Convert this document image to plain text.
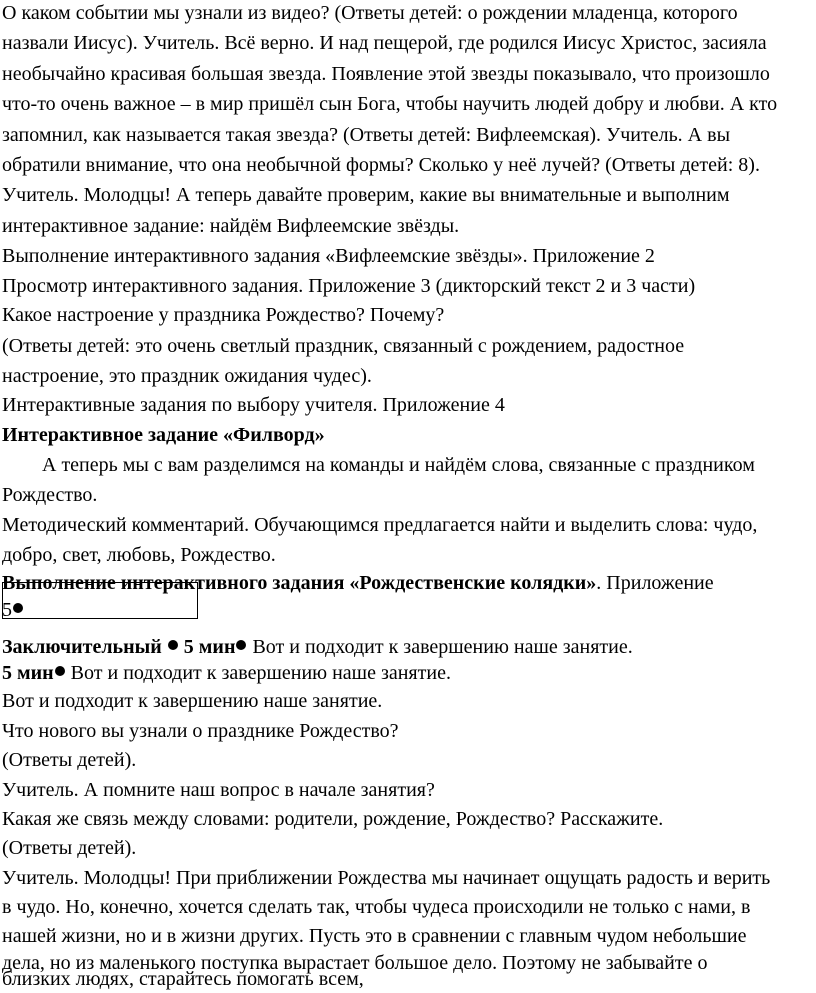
О каком событии мы узнали из видео? (Ответы детей: о рождении младенца, которого
назвали Иисус). Учитель. Всё верно. И над пещерой, где родился Иисус Христос, засияла
необычайно красивая большая звезда. Появление этой звезды показывало, что произошло
что-то очень важное – в мир пришёл сын Бога, чтобы научить людей добру и любви. А кто
запомнил, как называется такая звезда? (Ответы детей: Вифлеемская). Учитель. А вы
обратили внимание, что она необычной формы? Сколько у неё лучей? (Ответы детей: 8).
Учитель. Молодцы! А теперь давайте проверим, какие вы внимательные и выполним
интерактивное задание: найдём Вифлеемские звёзды.
Выполнение интерактивного задания «Вифлеемские звёзды». Приложение 2
Просмотр интерактивного задания. Приложение 3 (дикторский текст 2 и 3 части)
Какое настроение у праздника Рождество? Почему?
(Ответы детей: это очень светлый праздник, связанный с рождением, радостное
настроение, это праздник ожидания чудес).
Интерактивные задания по выбору учителя. Приложение 4
Интерактивное задание «Филворд»
А теперь мы с вам разделимся на команды и найдём слова, связанные с праздником
Рождество.
Методический комментарий. Обучающимся предлагается найти и выделить слова: чудо,
добро, свет, любовь, Рождество.
Выполнение интерактивного задания «Рождественские колядки». Приложение
5
Заключительный 5 мин Вот и подходит к завершению наше занятие.
5 мин Вот и подходит к завершению наше занятие.
Вот и подходит к завершению наше занятие.
Что нового вы узнали о празднике Рождество?
(Ответы детей).
Учитель. А помните наш вопрос в начале занятия?
Какая же связь между словами: родители, рождение, Рождество? Расскажите.
(Ответы детей).
Учитель. Молодцы! При приближении Рождества мы начинает ощущать радость и верить
в чудо. Но, конечно, хочется сделать так, чтобы чудеса происходили не только с нами, в
нашей жизни, но и в жизни других. Пусть это в сравнении с главным чудом небольшие
дела, но из маленького поступка вырастает большое дело. Поэтому не забывайте о
близких людях, старайтесь помогать всем,
